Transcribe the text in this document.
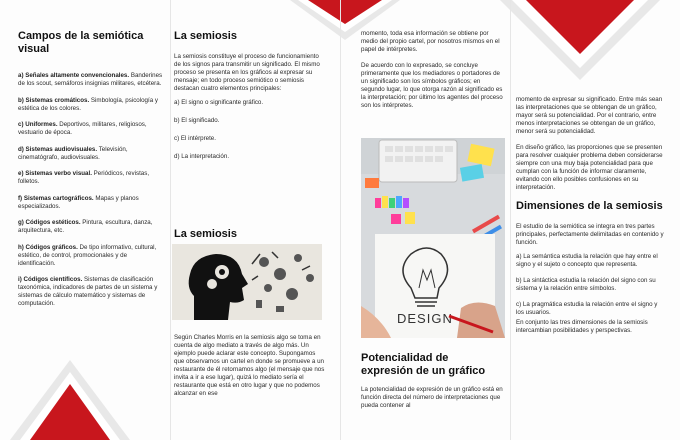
Campos de la semiótica visual

a) Señales altamente convencionales. Banderines de los scout, semáforos insignias militares, etcétera.

b) Sistemas cromáticos. Simbología, psicología y estética de los colores.

c) Uniformes. Deportivos, militares, religiosos, vestuario de época.

d) Sistemas audiovisuales. Televisión, cinematógrafo, audiovisuales.

e) Sistemas verbo visual. Periódicos, revistas, folletos.

f) Sistemas cartográficos. Mapas y planos especializados.

g) Códigos estéticos. Pintura, escultura, danza, arquitectura, etc.

h) Códigos gráficos. De tipo informativo, cultural, estético, de control, promocionales y de identificación.

i) Códigos científicos. Sistemas de clasificación taxonómica, indicadores de partes de un sistema y sistemas de cálculo matemático y sistemas de computación.

La semiosis

La semiosis constituye el proceso de funcionamiento de los signos para transmitir un significado. El mismo proceso se presenta en los gráficos al expresar su mensaje; en todo proceso semiótico o semiosis destacan cuatro elementos principales:

a) El signo o significante gráfico.

b) El significado.

c) El intérprete.

d) La interpretación.

La semiosis

Según Charles Morris en la semiosis algo se toma en cuenta de algo mediato a través de algo más. Un ejemplo puede aclarar este concepto. Supongamos que observamos un cartel en donde se promueve a un restaurante de él retornamos algo (el mensaje que nos invita a ir a ese lugar), quizá lo mediato sería el restaurante que está en otro lugar y que no podemos alcanzar en ese

momento, toda esa información se obtiene por medio del propio cartel, por nosotros mismos en el papel de intérpretes.

De acuerdo con lo expresado, se concluye primeramente que los mediadores o portadores de un significado son los símbolos gráficos; en segundo lugar, lo que otorga razón al significado es la interpretación; por último los agentes del proceso son los intérpretes.

DESIGN
Potencialidad de expresión de un gráfico

La potencialidad de expresión de un gráfico está en función directa del número de interpretaciones que pueda contener al

momento de expresar su significado. Entre más sean las interpretaciones que se obtengan de un gráfico, mayor será su potencialidad. Por el contrario, entre menos interpretaciones se obtengan de un gráfico, menor será su potencialidad.

En diseño gráfico, las proporciones que se presenten para resolver cualquier problema deben considerarse siempre con una muy baja potencialidad para que cumplan con la función de informar claramente, evitando con ello posibles confusiones en su interpretación.

Dimensiones de la semiosis

El estudio de la semiótica se integra en tres partes principales, perfectamente delimitadas en contenido y función.

a) La semántica estudia la relación que hay entre el signo y el sujeto o concepto que representa.

b) La sintáctica estudia la relación del signo con su sistema y la relación entre símbolos.

c) La pragmática estudia la relación entre el signo y los usuarios.

En conjunto las tres dimensiones de la semiosis intercambian posibilidades y perspectivas.
